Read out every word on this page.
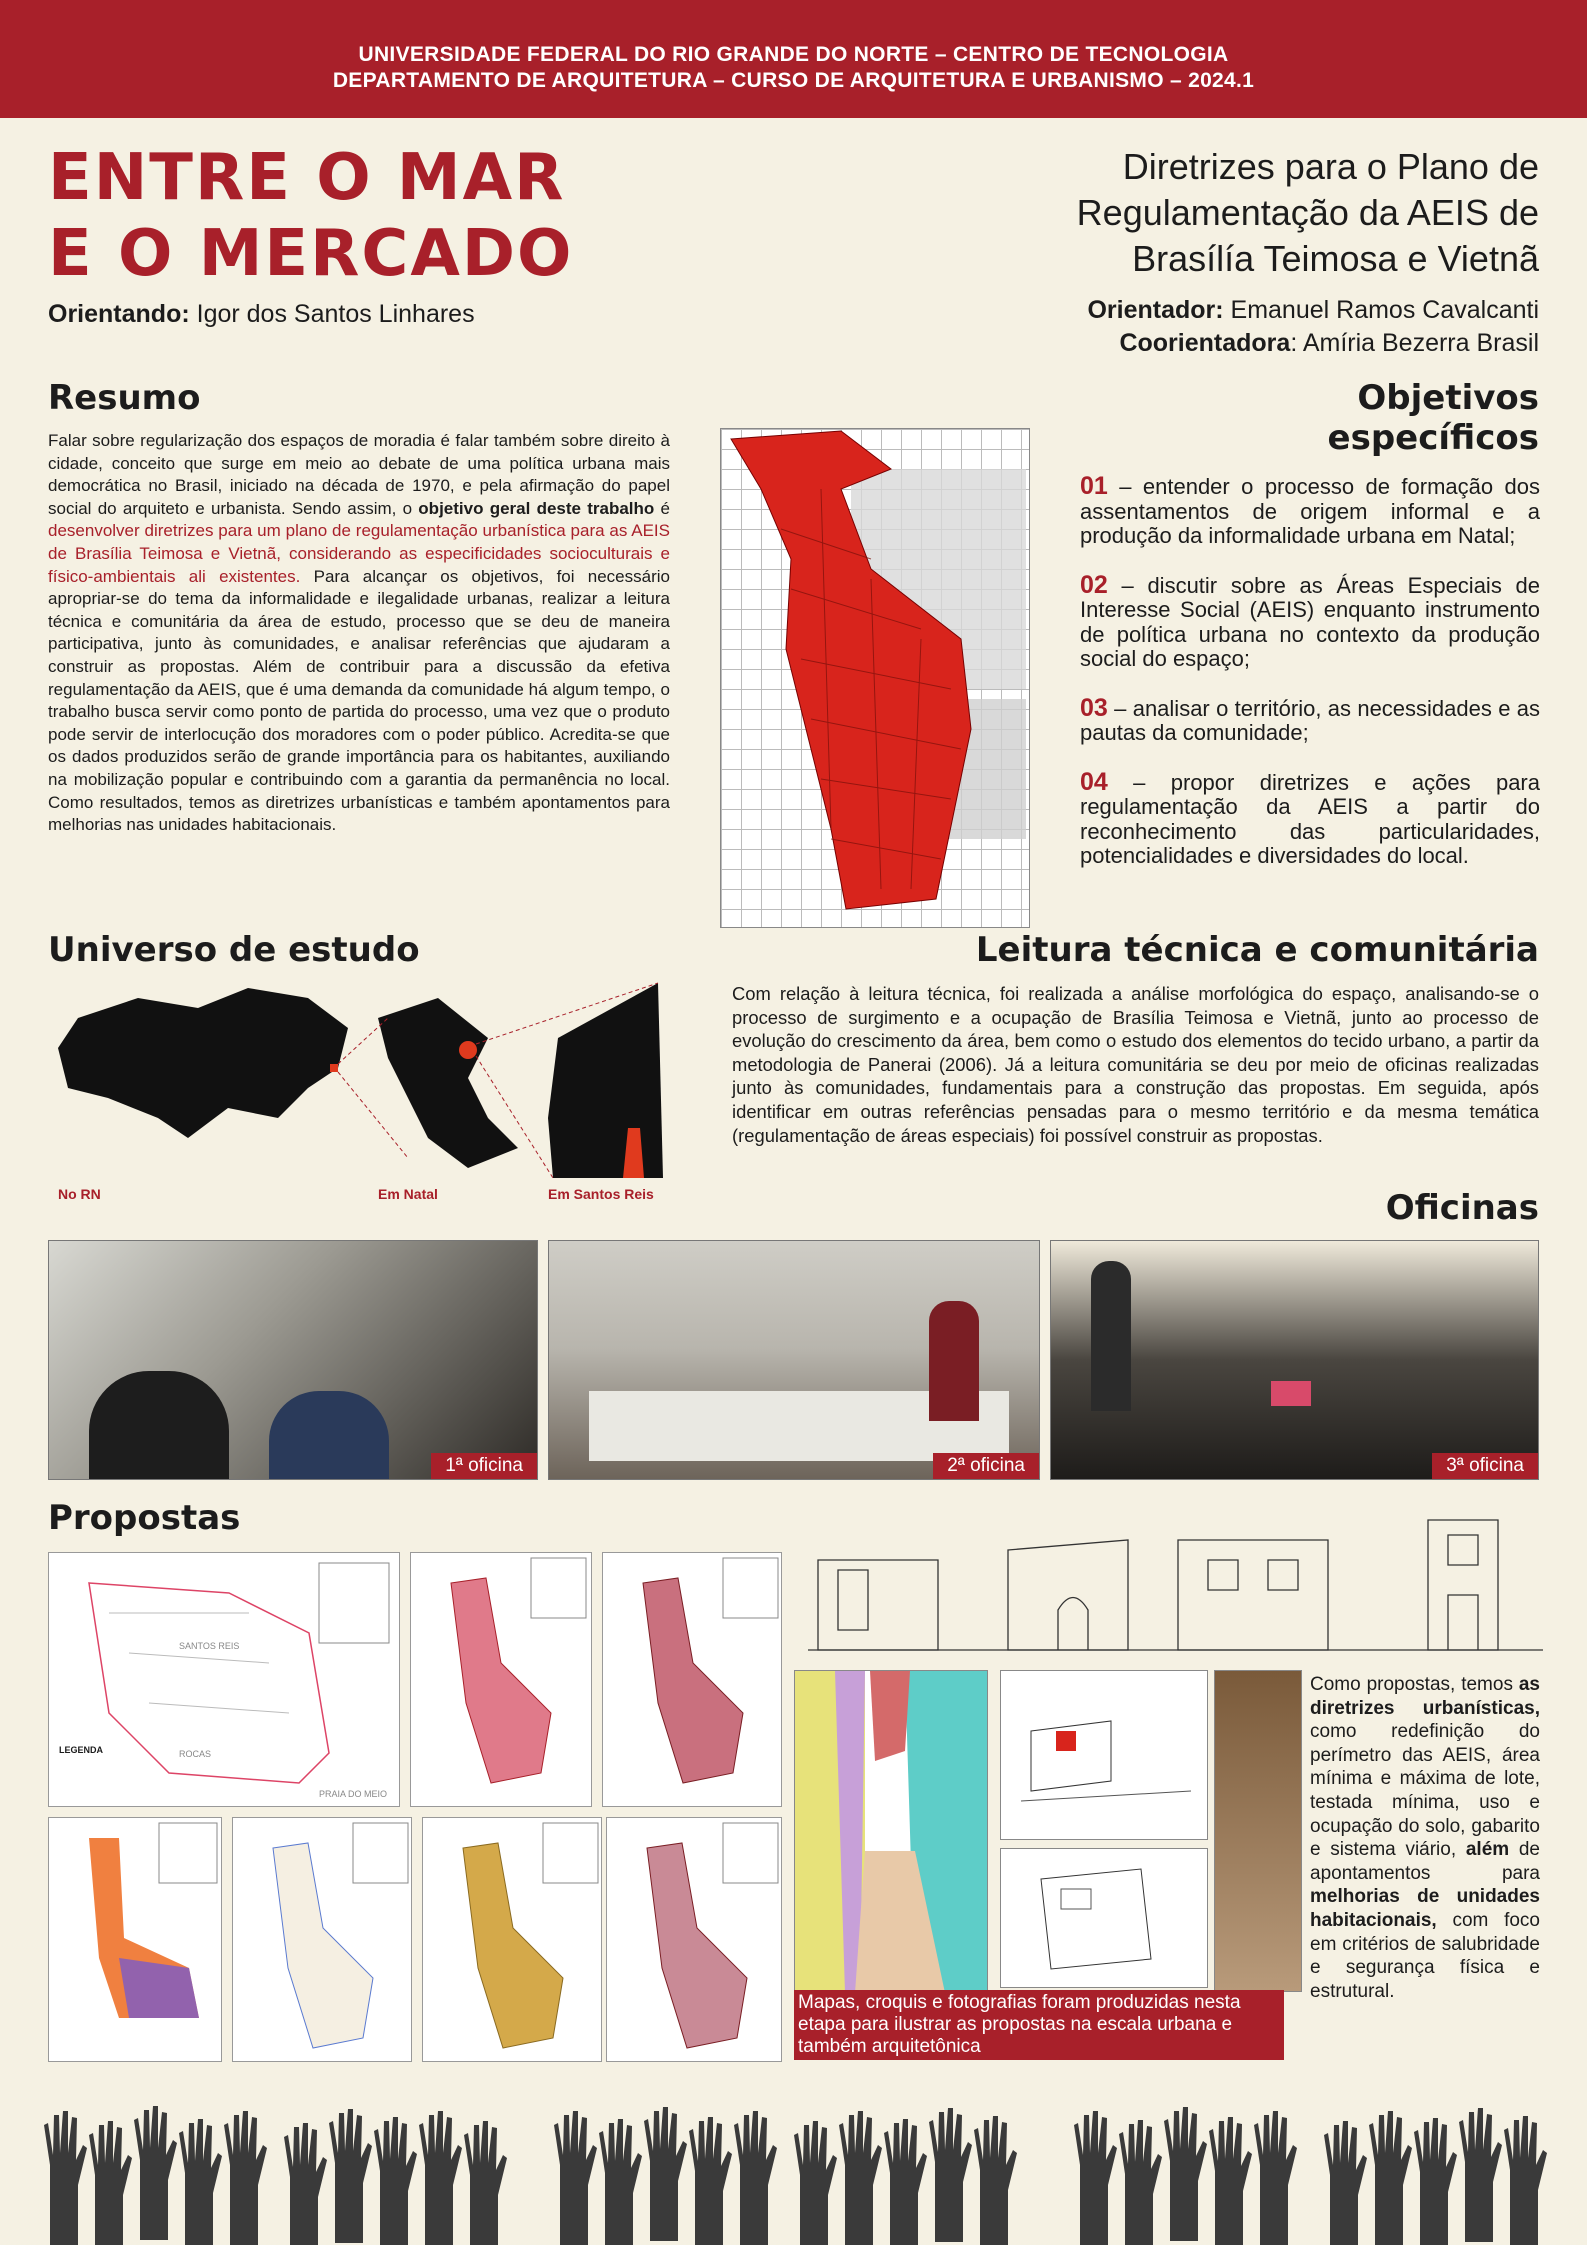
UNIVERSIDADE FEDERAL DO RIO GRANDE DO NORTE – CENTRO DE TECNOLOGIA
DEPARTAMENTO DE ARQUITETURA – CURSO DE ARQUITETURA E URBANISMO – 2024.1
ENTRE O MAR
E O MERCADO
Orientando: Igor dos Santos Linhares
Diretrizes para o Plano de
Regulamentação da AEIS de
Brasílía Teimosa e Vietnã
Orientador: Emanuel Ramos Cavalcanti
Coorientadora: Amíria Bezerra Brasil
Resumo
Falar sobre regularização dos espaços de moradia é falar também sobre direito à cidade, conceito que surge em meio ao debate de uma política urbana mais democrática no Brasil, iniciado na década de 1970, e pela afirmação do papel social do arquiteto e urbanista. Sendo assim, o objetivo geral deste trabalho é desenvolver diretrizes para um plano de regulamentação urbanística para as AEIS de Brasília Teimosa e Vietnã, considerando as especificidades socioculturais e físico-ambientais ali existentes. Para alcançar os objetivos, foi necessário apropriar-se do tema da informalidade e ilegalidade urbanas, realizar a leitura técnica e comunitária da área de estudo, processo que se deu de maneira participativa, junto às comunidades, e analisar referências que ajudaram a construir as propostas. Além de contribuir para a discussão da efetiva regulamentação da AEIS, que é uma demanda da comunidade há algum tempo, o trabalho busca servir como ponto de partida do processo, uma vez que o produto pode servir de interlocução dos moradores com o poder público. Acredita-se que os dados produzidos serão de grande importância para os habitantes, auxiliando na mobilização popular e contribuindo com a garantia da permanência no local. Como resultados, temos as diretrizes urbanísticas e também apontamentos para melhorias nas unidades habitacionais.
Objetivos
específicos

01 – entender o processo de formação dos assentamentos de origem informal e a produção da informalidade urbana em Natal;

02 – discutir sobre as Áreas Especiais de Interesse Social (AEIS) enquanto instrumento de política urbana no contexto da produção social do espaço;

03 – analisar o território, as necessidades e as pautas da comunidade;

04 – propor diretrizes e ações para regulamentação da AEIS a partir do reconhecimento das particularidades, potencialidades e diversidades do local.

Universo de estudo
No RN	Em Natal	Em Santos Reis
Leitura técnica e comunitária
Com relação à leitura técnica, foi realizada a análise morfológica do espaço, analisando-se o processo de surgimento e a ocupação de Brasília Teimosa e Vietnã, junto ao processo de evolução do crescimento da área, bem como o estudo dos elementos do tecido urbano, a partir da metodologia de Panerai (2006). Já a leitura comunitária se deu por meio de oficinas realizadas junto às comunidades, fundamentais para a construção das propostas. Em seguida, após identificar em outras referências pensadas para o mesmo território e da mesma temática (regulamentação de áreas especiais) foi possível construir as propostas.
Oficinas
1ª oficina	2ª oficina	3ª oficina
Propostas
SANTOS REIS
ROCAS
PRAIA DO MEIO
LEGENDA
Mapas, croquis e fotografias foram produzidas nesta etapa para ilustrar as propostas na escala urbana e também arquitetônica
Como propostas, temos as diretrizes urbanísticas, como redefinição do perímetro das AEIS, área mínima e máxima de lote, testada mínima, uso e ocupação do solo, gabarito e sistema viário, além de apontamentos para melhorias de unidades habitacionais, com foco em critérios de salubridade e segurança física e estrutural.
